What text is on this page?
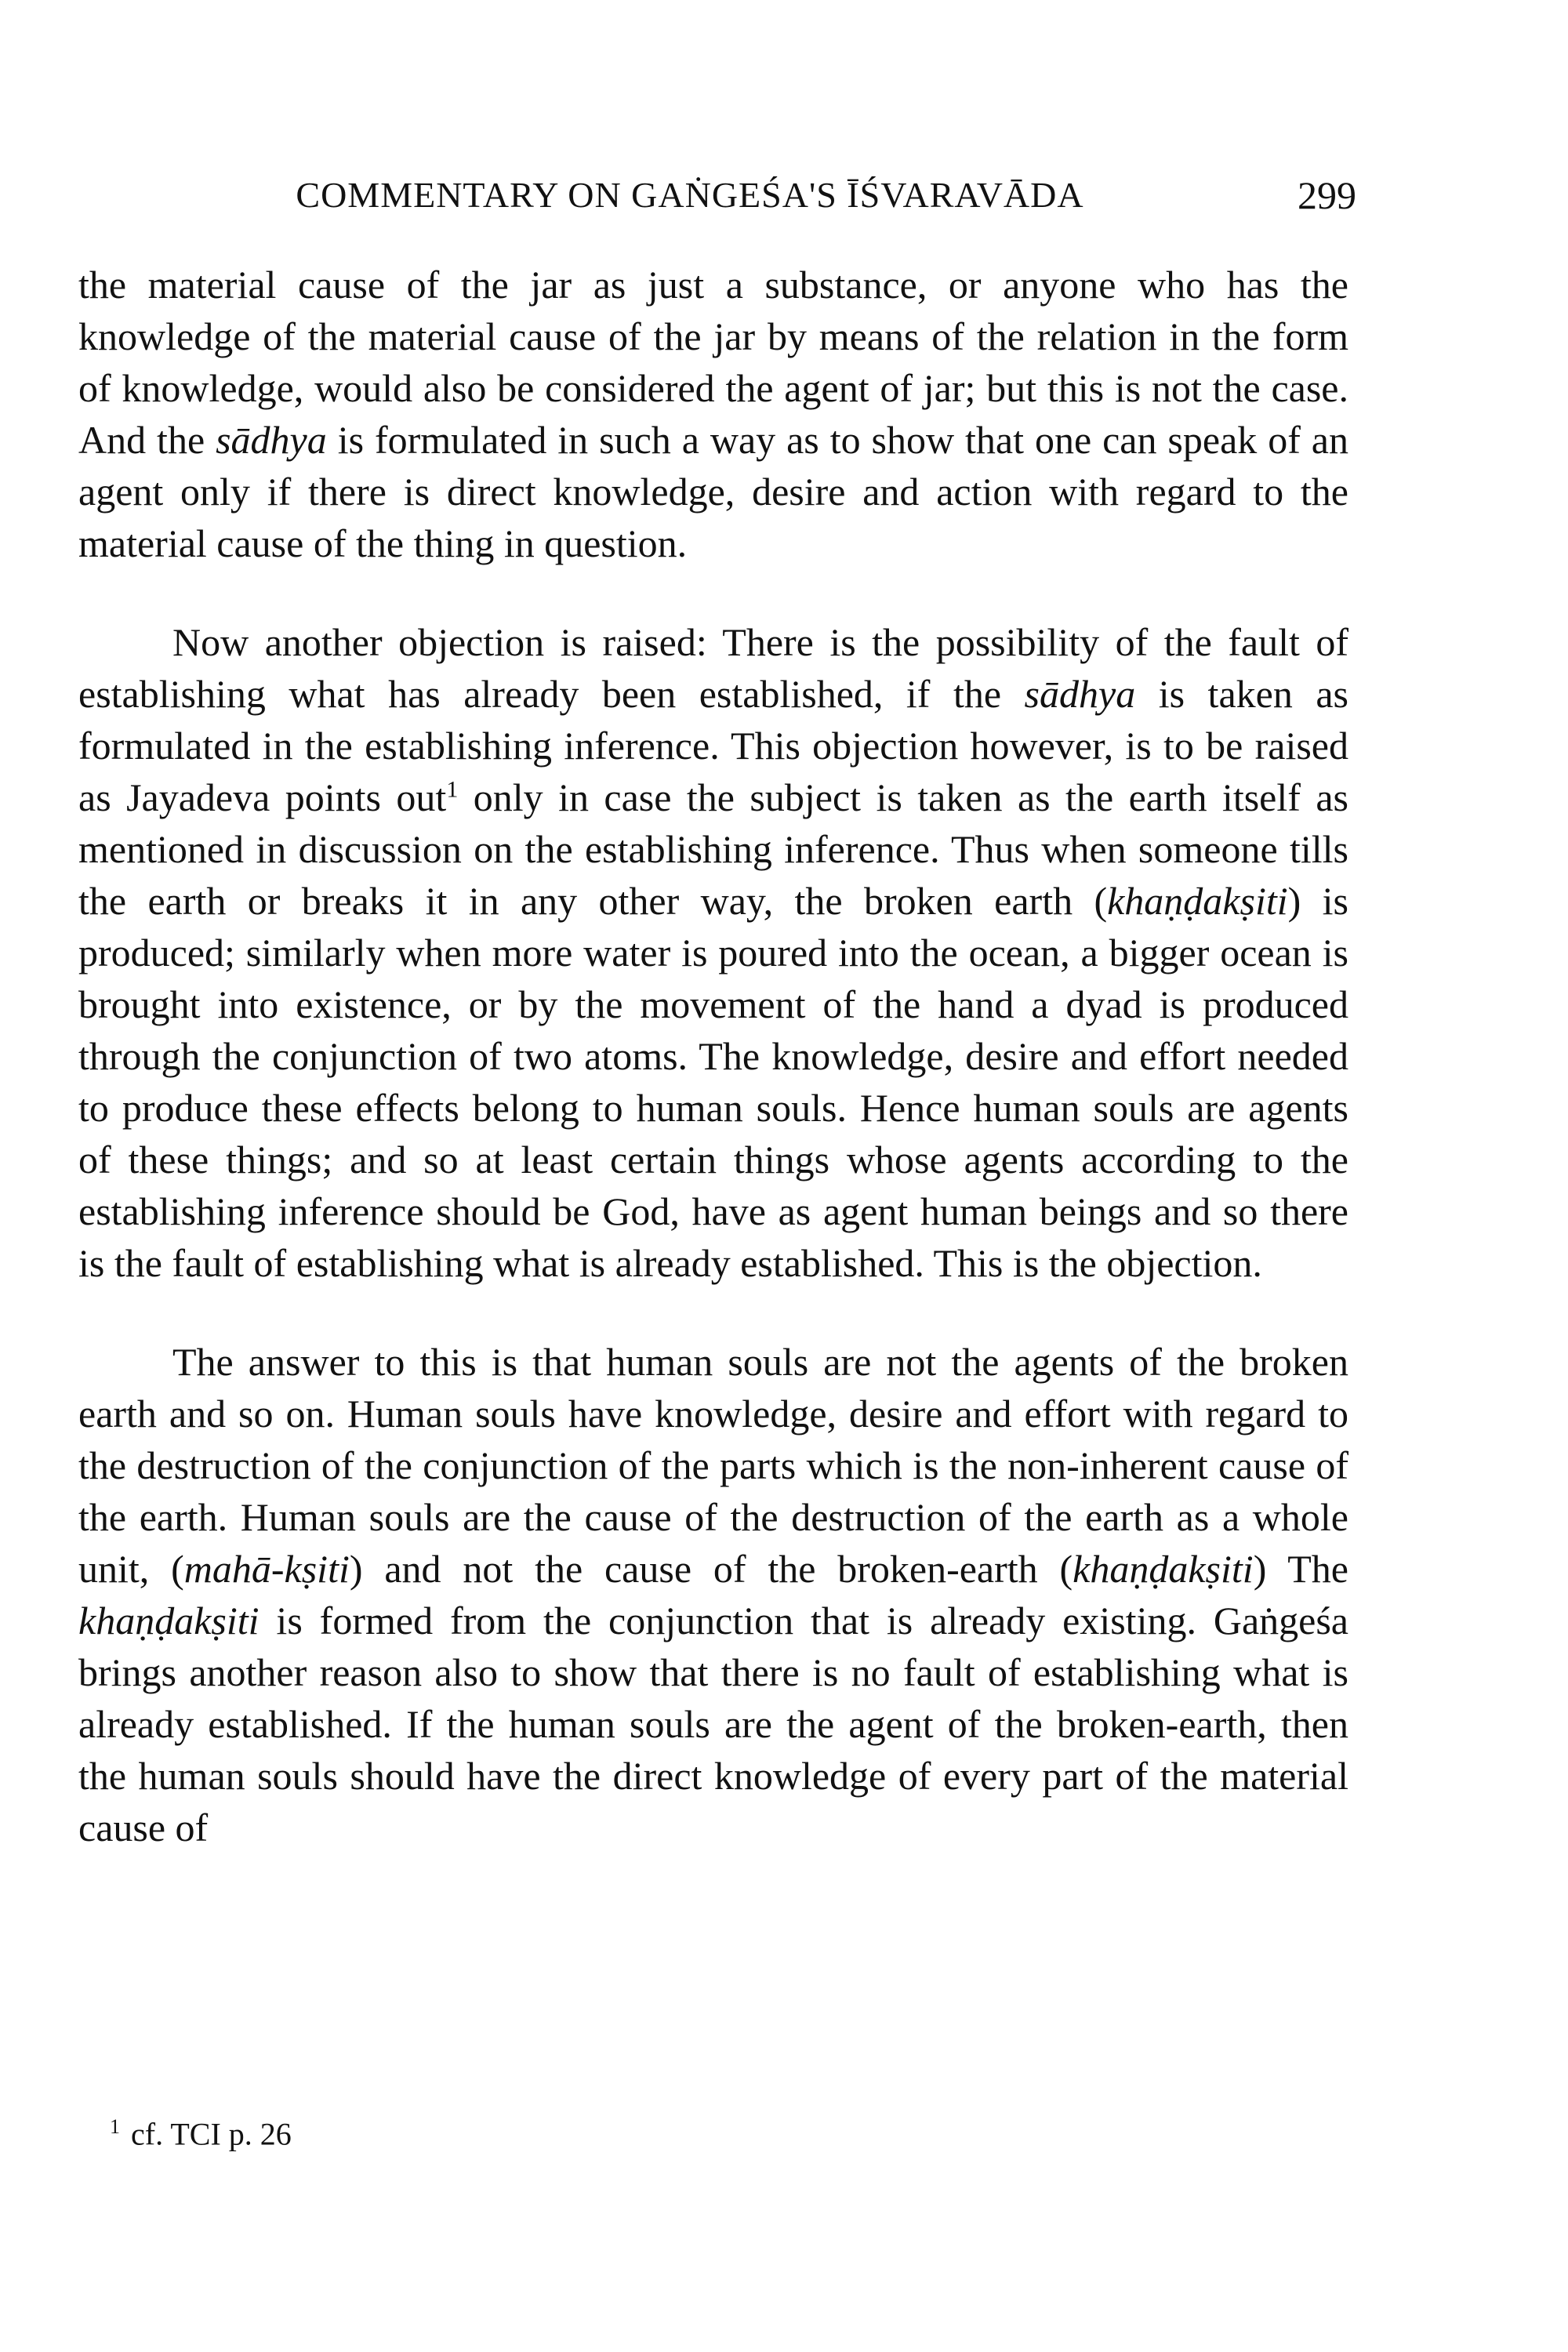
COMMENTARY ON GAṄGEŚA'S ĪŚVARAVĀDA	299

the material cause of the jar as just a substance, or anyone who has the knowledge of the material cause of the jar by means of the relation in the form of knowledge, would also be considered the agent of jar; but this is not the case. And the sādhya is formulated in such a way as to show that one can speak of an agent only if there is direct knowledge, desire and action with regard to the material cause of the thing in question.

Now another objection is raised: There is the possibility of the fault of establishing what has already been established, if the sādhya is taken as formulated in the establishing inference. This objection however, is to be raised as Jayadeva points out$^1$ only in case the subject is taken as the earth itself as mentioned in discussion on the establishing inference. Thus when someone tills the earth or breaks it in any other way, the broken earth (khaṇḍakṣiti) is produced; similarly when more water is poured into the ocean, a bigger ocean is brought into existence, or by the movement of the hand a dyad is produced through the conjunction of two atoms. The knowledge, desire and effort needed to produce these effects belong to human souls. Hence human souls are agents of these things; and so at least certain things whose agents according to the establishing inference should be God, have as agent human beings and so there is the fault of establishing what is already established. This is the objection.

The answer to this is that human souls are not the agents of the broken earth and so on. Human souls have knowledge, desire and effort with regard to the destruction of the conjunction of the parts which is the non-inherent cause of the earth. Human souls are the cause of the destruction of the earth as a whole unit, (mahā-kṣiti) and not the cause of the broken-earth (khaṇḍakṣiti) The khaṇḍakṣiti is formed from the conjunction that is already existing. Gaṅgeśa brings another reason also to show that there is no fault of establishing what is already established. If the human souls are the agent of the broken-earth, then the human souls should have the direct knowledge of every part of the material cause of

$^1$ cf. TCI p. 26
